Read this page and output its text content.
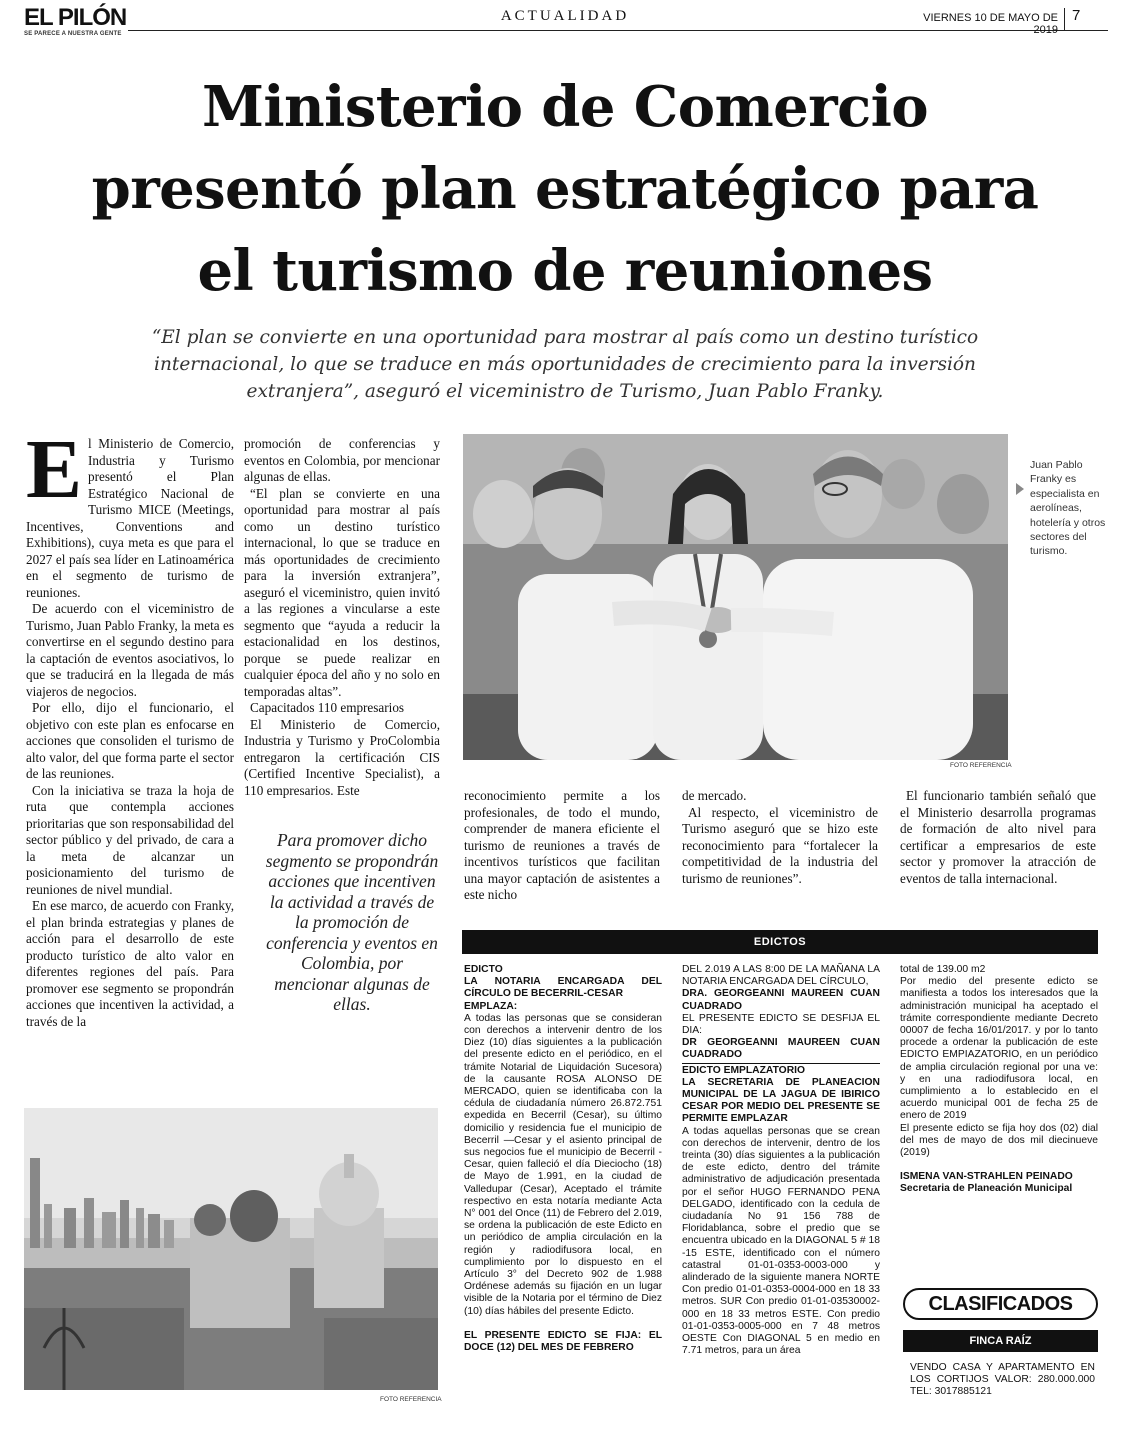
EL PILÓN
SE PARECE A NUESTRA GENTE
ACTUALIDAD	VIERNES 10 DE MAYO DE 2019
7
Ministerio de Comercio
presentó plan estratégico para
el turismo de reuniones
“El plan se convierte en una oportunidad para mostrar al país como un destino turístico
internacional, lo que se traduce en más oportunidades de crecimiento para la inversión
extranjera”, aseguró el viceministro de Turismo, Juan Pablo Franky.
E l Ministerio de Comercio, Industria y Turismo presentó el Plan Estratégico Nacional de Turismo MICE (Meetings, Incentives, Conventions and Exhibitions), cuya meta es que para el 2027 el país sea líder en Latinoamérica en el segmento de turismo de reuniones.

De acuerdo con el viceministro de Turismo, Juan Pablo Franky, la meta es convertirse en el segundo destino para la captación de eventos asociativos, lo que se traducirá en la llegada de más viajeros de negocios.

Por ello, dijo el funcionario, el objetivo con este plan es enfocarse en acciones que consoliden el turismo de alto valor, del que forma parte el sector de las reuniones.

Con la iniciativa se traza la hoja de ruta que contempla acciones prioritarias que son responsabilidad del sector público y del privado, de cara a la meta de alcanzar un posicionamiento del turismo de reuniones de nivel mundial.

En ese marco, de acuerdo con Franky, el plan brinda estrategias y planes de acción para el desarrollo de este producto turístico de alto valor en diferentes regiones del país. Para promover ese segmento se propondrán acciones que incentiven la actividad, a través de la

promoción de conferencias y eventos en Colombia, por mencionar algunas de ellas.

“El plan se convierte en una oportunidad para mostrar al país como un destino turístico internacional, lo que se traduce en más oportunidades de crecimiento para la inversión extranjera”, aseguró el viceministro, quien invitó a las regiones a vincularse a este segmento que “ayuda a reducir la estacionalidad en los destinos, porque se puede realizar en cualquier época del año y no solo en temporadas altas”.

Capacitados 110 empresarios

El Ministerio de Comercio, Industria y Turismo y ProColombia entregaron la certificación CIS (Certified Incentive Specialist), a 110 empresarios. Este

Para promover dicho segmento se propondrán acciones que incentiven la actividad a través de la promoción de conferencia y eventos en Colombia, por mencionar algunas de ellas.
FOTO REFERENCIA
Juan Pablo Franky es especialista en aerolíneas, hotelería y otros sectores del turismo.

reconocimiento permite a los profesionales, de todo el mundo, comprender de manera eficiente el turismo de reuniones a través de incentivos turísticos que facilitan una mayor captación de asistentes a este nicho

de mercado.

Al respecto, el viceministro de Turismo aseguró que se hizo este reconocimiento para “fortalecer la competitividad de la industria del turismo de reuniones”.

El funcionario también señaló que el Ministerio desarrolla programas de formación de alto nivel para certificar a empresarios de este sector y promover la atracción de eventos de talla internacional.

FOTO REFERENCIA
EDICTOS
EDICTO
LA NOTARIA ENCARGADA DEL CÍRCULO DE BECERRIL-CESAR
EMPLAZA:
A todas las personas que se consideran con derechos a intervenir dentro de los Diez (10) días siguientes a la publicación del presente edicto en el periódico, en el trámite Notarial de Liquidación Sucesora) de la causante ROSA ALONSO DE MERCADO, quien se identificaba con la cédula de ciudadanía número 26.872.751 expedida en Becerril (Cesar), su último domicilio y residencia fue el municipio de Becerril —Cesar y el asiento principal de sus negocios fue el municipio de Becerril - Cesar, quien falleció el día Dieciocho (18) de Mayo de 1.991, en la ciudad de Valledupar (Cesar), Aceptado el trámite respectivo en esta notaría mediante Acta N° 001 del Once (11) de Febrero del 2.019, se ordena la publicación de este Edicto en un periódico de amplia circulación en la región y radiodifusora local, en cumplimiento por lo dispuesto en el Artículo 3° del Decreto 902 de 1.988 Ordénese además su fijación en un lugar visible de la Notaria por el término de Diez (10) días hábiles del presente Edicto.
EL PRESENTE EDICTO SE FIJA: EL DOCE (12) DEL MES DE FEBRERO
DEL 2.019 A LAS 8:00 DE LA MAÑANA LA NOTARIA ENCARGADA DEL CÍRCULO,
DRA. GEORGEANNI MAUREEN CUAN CUADRADO
EL PRESENTE EDICTO SE DESFIJA EL DIA:
DR GEORGEANNI MAUREEN CUAN CUADRADO
EDICTO EMPLAZATORIO
LA SECRETARIA DE PLANEACION MUNICIPAL DE LA JAGUA DE IBIRICO CESAR POR MEDIO DEL PRESENTE SE PERMITE EMPLAZAR
A todas aquellas personas que se crean con derechos de intervenir, dentro de los treinta (30) días siguientes a la publicación de este edicto, dentro del trámite administrativo de adjudicación presentada por el señor HUGO FERNANDO PENA DELGADO, identificado con la cedula de ciudadanía No 91 156 788 de Floridablanca, sobre el predio que se encuentra ubicado en la DIAGONAL 5 # 18 -15 ESTE, identificado con el número catastral 01-01-0353-0003-000 y alinderado de la siguiente manera NORTE Con predio 01-01-0353-0004-000 en 18 33 metros. SUR Con predio 01-01-03530002-000 en 18 33 metros ESTE. Con predio 01-01-0353-0005-000 en 7 48 metros OESTE Con DIAGONAL 5 en medio en 7.71 metros, para un área
total de 139.00 m2
Por medio del presente edicto se manifiesta a todos los interesados que la administración municipal ha aceptado el trámite correspondiente mediante Decreto 00007 de fecha 16/01/2017. y por lo tanto procede a ordenar la publicación de este EDICTO EMPIAZATORIO, en un periódico de amplia circulación regional por una ve: y en una radiodifusora local, en cumplimiento a lo establecido en el acuerdo municipal 001 de fecha 25 de enero de 2019
El presente edicto se fija hoy dos (02) dial del mes de mayo de dos mil diecinueve (2019)
ISMENA VAN-STRAHLEN PEINADO
Secretaria de Planeación Municipal
CLASIFICADOS
FINCA RAÍZ
VENDO CASA Y APARTAMENTO EN LOS CORTIJOS VALOR: 280.000.000 TEL: 3017885121
